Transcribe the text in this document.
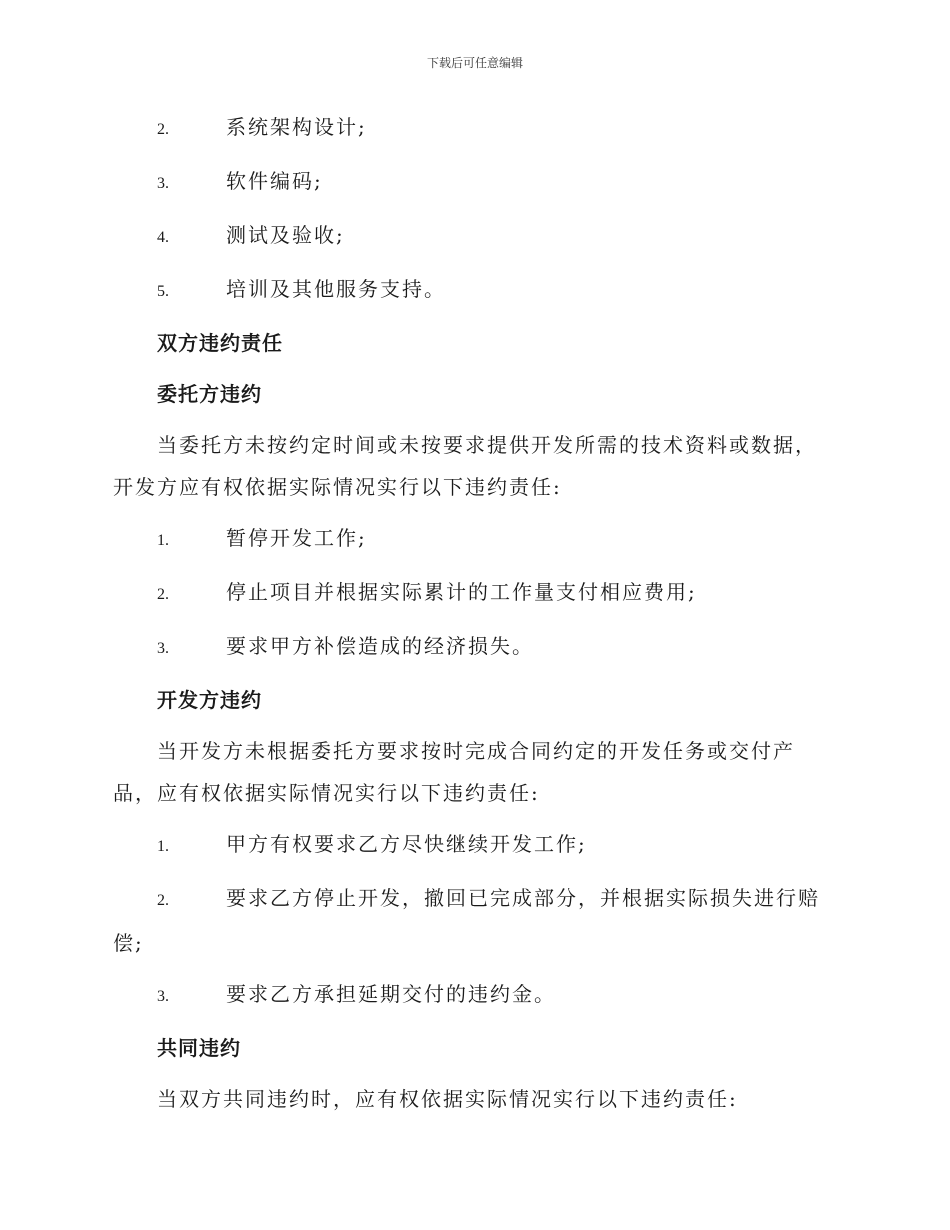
下载后可任意编辑
2.	系统架构设计;
3.	软件编码;
4.	测试及验收;
5.	培训及其他服务支持。
双方违约责任
委托方违约
当委托方未按约定时间或未按要求提供开发所需的技术资料或数据，开发方应有权依据实际情况实行以下违约责任:
1.	暂停开发工作;
2.	停止项目并根据实际累计的工作量支付相应费用;
3.	要求甲方补偿造成的经济损失。
开发方违约
当开发方未根据委托方要求按时完成合同约定的开发任务或交付产品，应有权依据实际情况实行以下违约责任:
1.	甲方有权要求乙方尽快继续开发工作;
2.	要求乙方停止开发，撤回已完成部分，并根据实际损失进行赔偿;
3.	要求乙方承担延期交付的违约金。
共同违约
当双方共同违约时，应有权依据实际情况实行以下违约责任:
